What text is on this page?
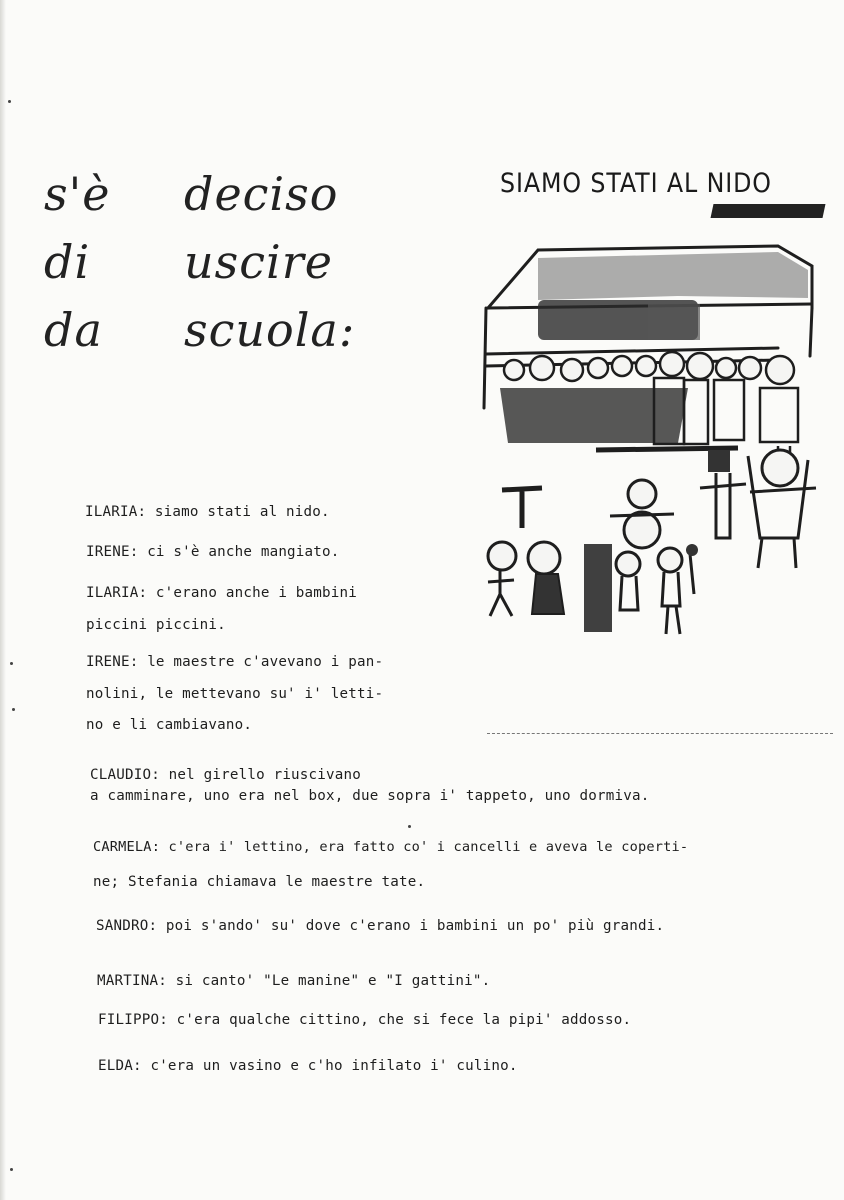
s'è	deciso
di	uscire
da	scuola:
SIAMO STATI AL NIDO
ILARIA: siamo stati al nido.
IRENE: ci s'è anche mangiato.
ILARIA: c'erano anche i bambini
piccini piccini.
IRENE: le maestre c'avevano i pan-
nolini, le mettevano su' i' letti-
no e li cambiavano.
CLAUDIO: nel girello riuscivano
a camminare, uno era nel box, due sopra i' tappeto, uno dormiva.
CARMELA: c'era i' lettino, era fatto co' i cancelli e aveva le coperti-
ne; Stefania chiamava le maestre tate.
SANDRO: poi s'ando' su' dove c'erano i bambini un po' più grandi.
MARTINA: si canto' "Le manine" e "I gattini".
FILIPPO: c'era qualche cittino, che si fece la pipi' addosso.
ELDA: c'era un vasino e c'ho infilato i' culino.
